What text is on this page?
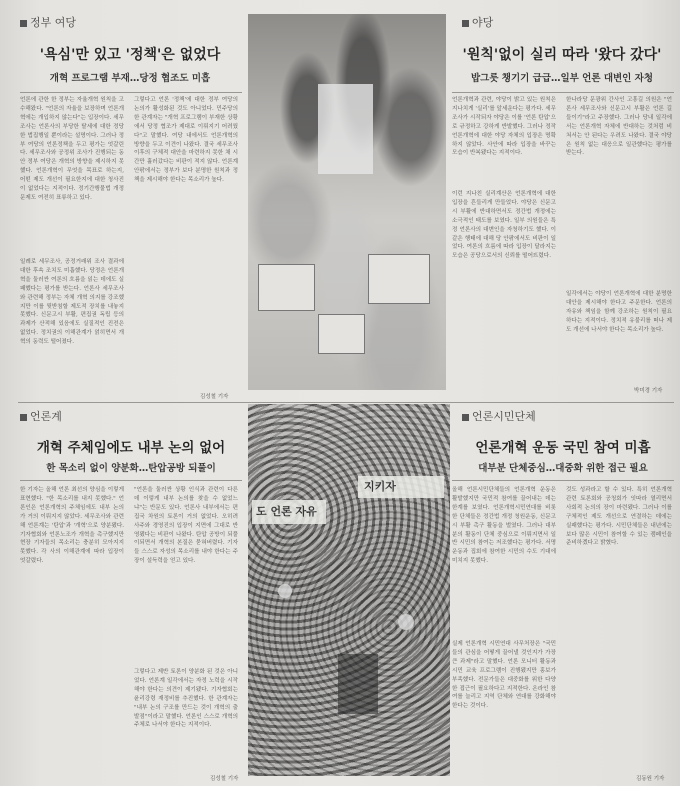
정부 여당
'욕심'만 있고 '정책'은 없었다
개혁 프로그램 부재…당정 협조도 미흡
언론에 관한 한 정부는 자율개혁 원칙을 고수해왔다. "언론의 자율을 보장하며 언론개혁에는 개입하지 않는다"는 입장이다. 세무조사는 언론사의 부당한 탈세에 대한 정당한 법집행일 뿐이라는 설명이다. 그러나 정부 여당의 언론정책을 두고 평가는 엇갈린다. 세무조사와 공정위 조사가 진행되는 동안 정부 여당은 개혁의 방향을 제시하지 못했다. 언론개혁이 무엇을 목표로 하는지, 어떤 제도 개선이 필요한지에 대한 청사진이 없었다는 지적이다. 정기간행물법 개정 문제도 여전히 표류하고 있다.
그렇다고 언론 '정책'에 대한 정부 여당의 논의가 활성화된 것도 아니었다. 민주당의 한 관계자는 "개혁 프로그램이 부재한 상황에서 당정 협조가 제대로 이뤄지기 어려웠다"고 말했다. 여당 내에서도 언론개혁의 방향을 두고 이견이 나왔다. 결국 세무조사 이후의 구체적 대안을 마련하지 못한 채 시간만 흘러갔다는 비판이 적지 않다. 언론계 안팎에서는 정부가 보다 분명한 원칙과 정책을 제시해야 한다는 목소리가 높다.
일례로 세무조사, 공정거래위 조사 결과에 대한 후속 조치도 미흡했다. 당정은 언론개혁을 둘러싼 여론의 흐름을 읽는 데에도 실패했다는 평가를 받는다. 언론사 세무조사와 관련해 정부는 자체 개혁 의지를 강조했지만 이를 뒷받침할 제도적 장치를 내놓지 못했다. 신문고시 부활, 편집권 독립 등의 과제가 산적해 있음에도 실질적인 진전은 없었다. 정치권의 이해관계가 얽히면서 개혁의 동력도 떨어졌다.
김성철 기자
야당
'원칙'없이 실리 따라 '왔다 갔다'
밥그릇 챙기기 급급…일부 언론 대변인 자청
언론개혁과 관련, 야당이 밝고 있는 원칙은 지나치게 '실리'를 앞세운다는 평가다. 세무조사가 시작되자 야당은 이를 '언론 탄압'으로 규정하고 강하게 반발했다. 그러나 정작 언론개혁에 대한 야당 자체의 입장은 명확하지 않았다. 사안에 따라 입장을 바꾸는 모습이 반복됐다는 지적이다.
이런 지나친 실리계산은 언론개혁에 대한 입장을 흔들리게 만들었다. 야당은 신문고시 부활에 반대하면서도 정간법 개정에는 소극적인 태도를 보였다. 일부 의원들은 특정 언론사의 대변인을 자청하기도 했다. 이 같은 행태에 대해 당 안팎에서도 비판이 일었다. 여론의 흐름에 따라 입장이 달라지는 모습은 공당으로서의 신뢰를 떨어뜨렸다.
한나라당 문광위 간사인 고흥길 의원은 "언론사 세무조사와 신문고시 부활은 언론 길들이기"라고 주장했다. 그러나 당내 일각에서는 언론개혁 자체에 반대하는 것처럼 비쳐서는 안 된다는 우려도 나왔다. 결국 야당은 원칙 없는 대응으로 일관했다는 평가를 받는다.
일각에서는 야당이 언론개혁에 대한 분명한 대안을 제시해야 한다고 주문한다. 언론의 자유와 책임을 함께 강조하는 원칙이 필요하다는 지적이다. 정치적 유불리를 떠나 제도 개선에 나서야 한다는 목소리가 높다.
박미경 기자
언론계
개혁 주체임에도 내부 논의 없어
한 목소리 없이 양분화…탄압공방 되풀이
한 기자는 올해 언론 최선의 양심을 이렇게 표현했다. "한 목소리를 내지 못했다." 언론인은 언론개혁의 주체임에도 내부 논의가 거의 이뤄지지 않았다. 세무조사와 관련해 언론계는 '탄압'과 '개혁'으로 양분됐다. 기자협회와 언론노조가 개혁을 촉구했지만 현장 기자들의 목소리는 충분히 모아지지 못했다. 각 사의 이해관계에 따라 입장이 엇갈렸다.
"언론을 둘러싼 상황 인식과 관련이 다른 데 이렇게 내부 논의를 찾을 수 없었느냐"는 반문도 있다. 언론사 내부에서는 편집국 차원의 토론이 거의 없었다. 오히려 사주와 경영진의 입장이 지면에 그대로 반영됐다는 비판이 나왔다. 탄압 공방이 되풀이되면서 개혁의 본질은 묻혀버렸다. 기자들 스스로 자성의 목소리를 내야 한다는 주장이 설득력을 얻고 있다.
그렇다고 제반 토론이 양분화 된 것은 아니었다. 언론계 일각에서는 자정 노력을 시작해야 한다는 의견이 제기됐다. 기자협회는 윤리강령 재정비를 추진했다. 한 관계자는 "내부 논의 구조를 만드는 것이 개혁의 출발점"이라고 말했다. 언론인 스스로 개혁의 주체로 나서야 한다는 지적이다.
김성철 기자
도 언론 자유
지키자
언론시민단체
언론개혁 운동 국민 참여 미흡
대부분 단체중심…대중화 위한 접근 필요
올해 언론시민단체들의 언론개혁 운동은 활발했지만 국민적 참여를 끌어내는 데는 한계를 보였다. 언론개혁시민연대를 비롯한 단체들은 정간법 개정 청원운동, 신문고시 부활 촉구 활동을 벌였다. 그러나 대부분의 활동이 단체 중심으로 이뤄지면서 일반 시민의 참여는 저조했다는 평가다. 서명운동과 집회에 참여한 시민의 수도 기대에 미치지 못했다.
실제 언론개혁 시민연대 사무처장은 "국민들의 관심을 어떻게 끌어낼 것인지가 가장 큰 과제"라고 말했다. 언론 모니터 활동과 시민 교육 프로그램이 진행됐지만 홍보가 부족했다. 전문가들은 대중화를 위한 다양한 접근이 필요하다고 지적한다. 온라인 참여를 늘리고 지역 단체와 연대를 강화해야 한다는 것이다.
것도 성과라고 할 수 있다. 특히 언론개혁 관련 토론회와 공청회가 잇따라 열리면서 사회적 논의의 장이 마련됐다. 그러나 이를 구체적인 제도 개선으로 연결하는 데에는 실패했다는 평가다. 시민단체들은 내년에는 보다 많은 시민이 참여할 수 있는 캠페인을 준비하겠다고 밝혔다.
김동원 기자
